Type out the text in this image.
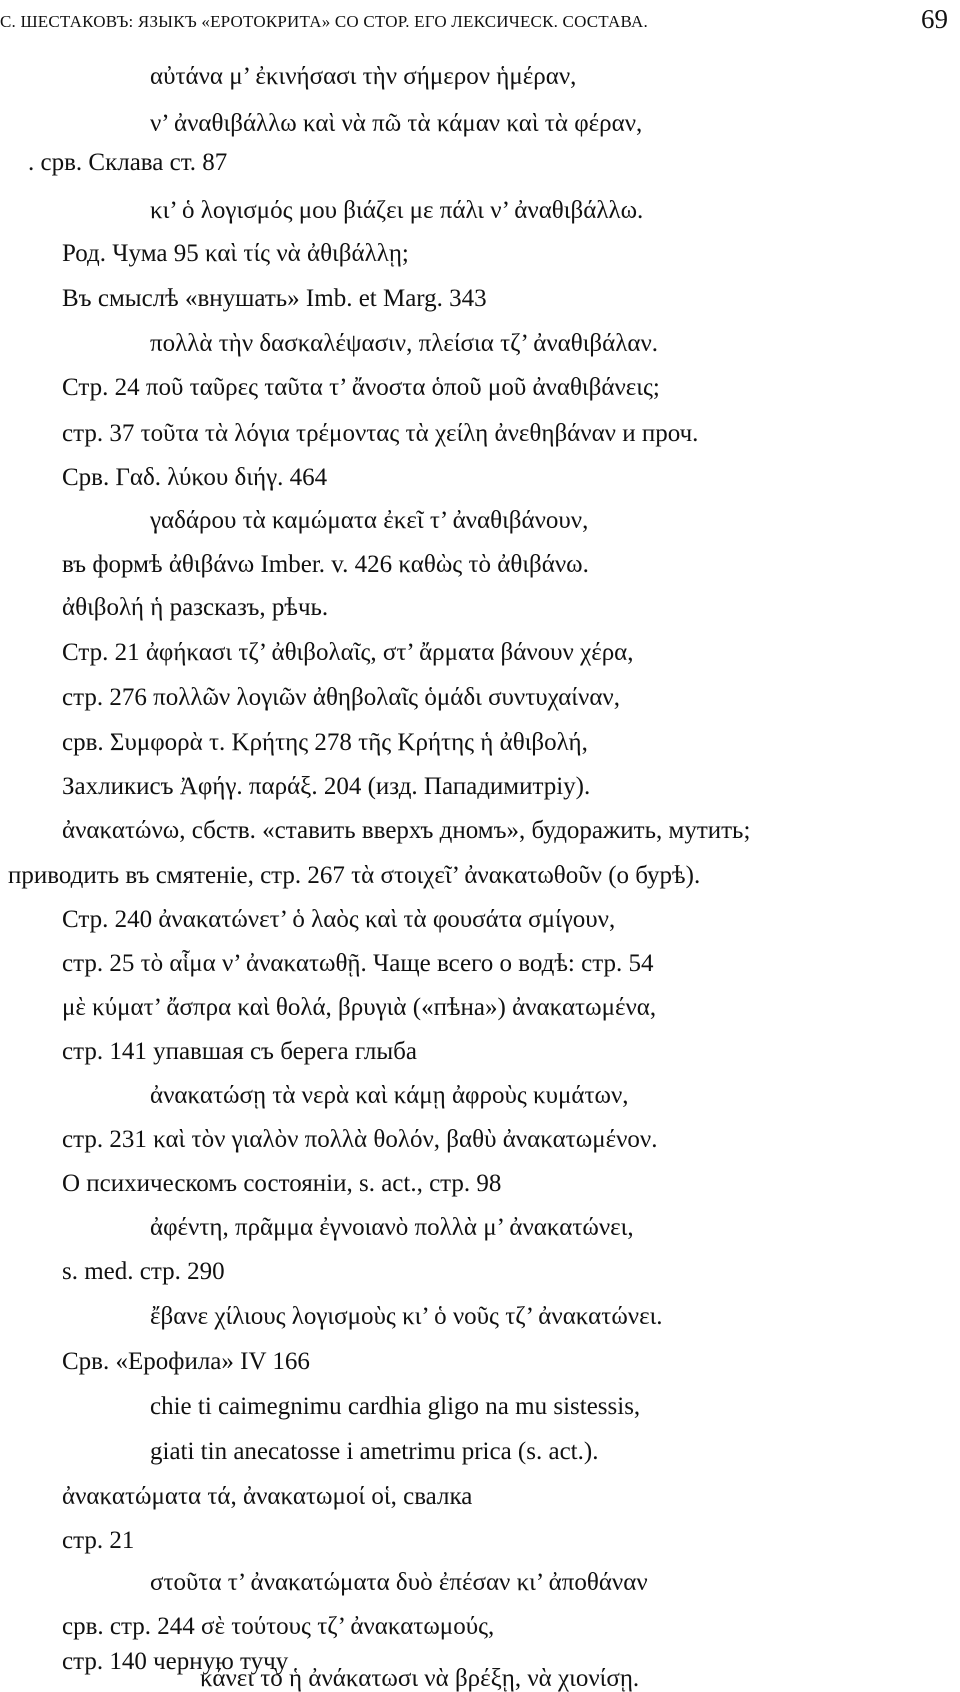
С. ШЕСТАКОВЪ: ЯЗЫКЪ «ЕРОТОКРИТА» СО СТОР. ЕГО ЛЕКСИЧЕСК. СОСТАВА.	69
αὐτάνα μ’ ἐκινήσασι τὴν σήμερον ἡμέραν,
ν’ ἀναθιβάλλω καὶ νὰ πῶ τὰ κάμαν καὶ τὰ φέραν,
. срв. Склава ст. 87
κι’ ὁ λογισμός μου βιάζει με πάλι ν’ ἀναθιβάλλω.
Род. Чума 95 καὶ τίς νὰ ἀθιβάλλῃ;
Въ смыслѣ «внушать» Imb. et Marg. 343
πολλὰ τὴν δασκαλέψασιν, πλείσια τζ’ ἀναθιβάλαν.
Стр. 24 ποῦ ταῦρες ταῦτα τ’ ἄνοστα ὁποῦ μοῦ ἀναθιβάνεις;
стр. 37 τοῦτα τὰ λόγια τρέμοντας τὰ χείλη ἀνεθηβάναν и проч.
Срв. Γαδ. λύκου διήγ. 464
γαδάρου τὰ καμώματα ἐκεῖ τ’ ἀναθιβάνουν,
въ формѣ ἀθιβάνω Imber. v. 426 καθὼς τὸ ἀθιβάνω.
ἀθιβολή ἡ разсказъ, рѣчь.
Стр. 21 ἀφήκασι τζ’ ἀθιβολαῖς, στ’ ἄρματα βάνουν χέρα,
стр. 276 πολλῶν λογιῶν ἀθηβολαῖς ὁμάδι συντυχαίναν,
срв. Συμφορὰ τ. Κρήτης 278 τῆς Κρήτης ἡ ἀθιβολή,
Захликисъ Ἀφήγ. παράξ. 204 (изд. Пападимитріу).
ἀνακατώνω, сбств. «ставить вверхъ дномъ», будоражить, мутить;
приводить въ смятеніе, стр. 267 τὰ στοιχεῖ’ ἀνακατωθοῦν (о бурѣ).
Стр. 240 ἀνακατώνετ’ ὁ λαὸς καὶ τὰ φουσάτα σμίγουν,
стр. 25 τὸ αἷμα ν’ ἀνακατωθῇ. Чаще всего о водѣ: стр. 54
μὲ κύματ’ ἄσπρα καὶ θολά, βρυγιὰ («пѣна») ἀνακατωμένα,
стр. 141 упавшая съ берега глыба
ἀνακατώσῃ τὰ νερὰ καὶ κάμῃ ἀφροὺς κυμάτων,
стр. 231 καὶ τὸν γιαλὸν πολλὰ θολόν, βαθὺ ἀνακατωμένον.
О психическомъ состояніи, s. act., стр. 98
ἀφέντη, πρᾶμμα ἐγνοιανὸ πολλὰ μ’ ἀνακατώνει,
s. med. стр. 290
ἔβανε χίλιους λογισμοὺς κι’ ὁ νοῦς τζ’ ἀνακατώνει.
Срв. «Ерофила» IV 166
chie ti caimegnimu cardhia gligo na mu sistessis,
giati tin anecatosse i ametrimu prica (s. act.).
ἀνακατώματα τά, ἀνακατωμοί οἱ, свалка
стр. 21
στοῦτα τ’ ἀνακατώματα δυὸ ἐπέσαν κι’ ἀποθάναν
срв. стр. 244 σὲ τούτους τζ’ ἀνακατωμούς,
стр. 140 черную тучу
κάνει τὸ ἡ ἀνάκατωσι νὰ βρέξῃ, νὰ χιονίσῃ.
